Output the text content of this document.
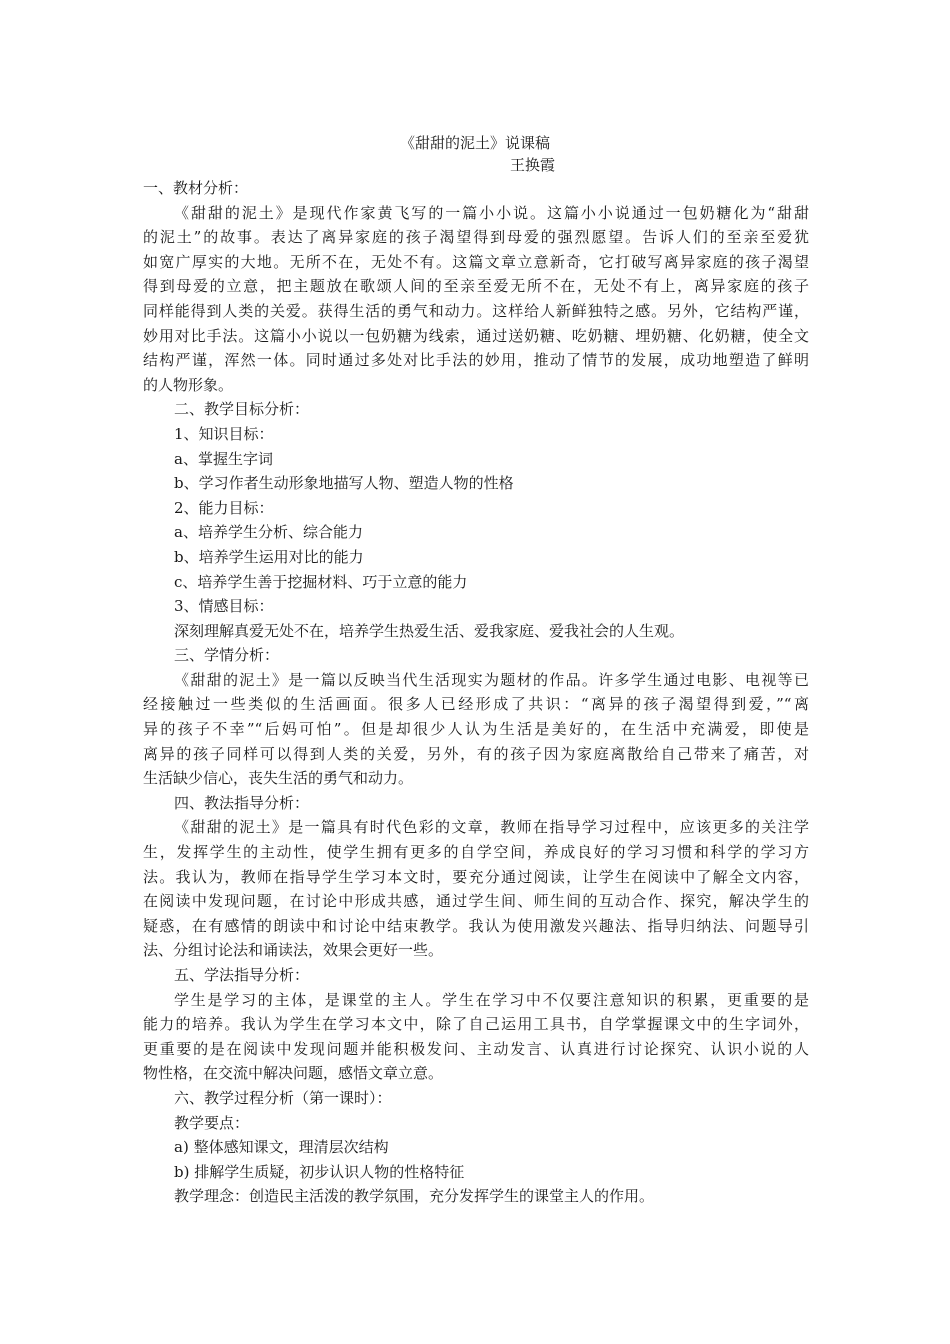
《甜甜的泥土》说课稿
王换霞

一、教材分析：

《甜甜的泥土》是现代作家黄飞写的一篇小小说。这篇小小说通过一包奶糖化为“甜甜

的泥土”的故事。表达了离异家庭的孩子渴望得到母爱的强烈愿望。告诉人们的至亲至爱犹

如宽广厚实的大地。无所不在，无处不有。这篇文章立意新奇，它打破写离异家庭的孩子渴望

得到母爱的立意，把主题放在歌颂人间的至亲至爱无所不在，无处不有上，离异家庭的孩子

同样能得到人类的关爱。获得生活的勇气和动力。这样给人新鲜独特之感。另外，它结构严谨，

妙用对比手法。这篇小小说以一包奶糖为线索，通过送奶糖、吃奶糖、埋奶糖、化奶糖，使全文

结构严谨，浑然一体。同时通过多处对比手法的妙用，推动了情节的发展，成功地塑造了鲜明

的人物形象。

二、教学目标分析：

1、知识目标：

a、掌握生字词

b、学习作者生动形象地描写人物、塑造人物的性格

2、能力目标：

a、培养学生分析、综合能力

b、培养学生运用对比的能力

c、培养学生善于挖掘材料、巧于立意的能力

3、情感目标：

深刻理解真爱无处不在，培养学生热爱生活、爱我家庭、爱我社会的人生观。

三、学情分析：

《甜甜的泥土》是一篇以反映当代生活现实为题材的作品。许多学生通过电影、电视等已

经接触过一些类似的生活画面。很多人已经形成了共识：“离异的孩子渴望得到爱，”“离

异的孩子不幸”“后妈可怕”。但是却很少人认为生活是美好的，在生活中充满爱，即使是

离异的孩子同样可以得到人类的关爱，另外，有的孩子因为家庭离散给自己带来了痛苦，对

生活缺少信心，丧失生活的勇气和动力。

四、教法指导分析：

《甜甜的泥土》是一篇具有时代色彩的文章，教师在指导学习过程中，应该更多的关注学

生，发挥学生的主动性，使学生拥有更多的自学空间，养成良好的学习习惯和科学的学习方

法。我认为，教师在指导学生学习本文时，要充分通过阅读，让学生在阅读中了解全文内容，

在阅读中发现问题，在讨论中形成共感，通过学生间、师生间的互动合作、探究，解决学生的

疑惑，在有感情的朗读中和讨论中结束教学。我认为使用激发兴趣法、指导归纳法、问题导引

法、分组讨论法和诵读法，效果会更好一些。

五、学法指导分析：

学生是学习的主体，是课堂的主人。学生在学习中不仅要注意知识的积累，更重要的是

能力的培养。我认为学生在学习本文中，除了自己运用工具书，自学掌握课文中的生字词外，

更重要的是在阅读中发现问题并能积极发问、主动发言、认真进行讨论探究、认识小说的人

物性格，在交流中解决问题，感悟文章立意。

六、教学过程分析（第一课时）：

教学要点：

a) 整体感知课文，理清层次结构

b) 排解学生质疑，初步认识人物的性格特征

教学理念：创造民主活泼的教学氛围，充分发挥学生的课堂主人的作用。
